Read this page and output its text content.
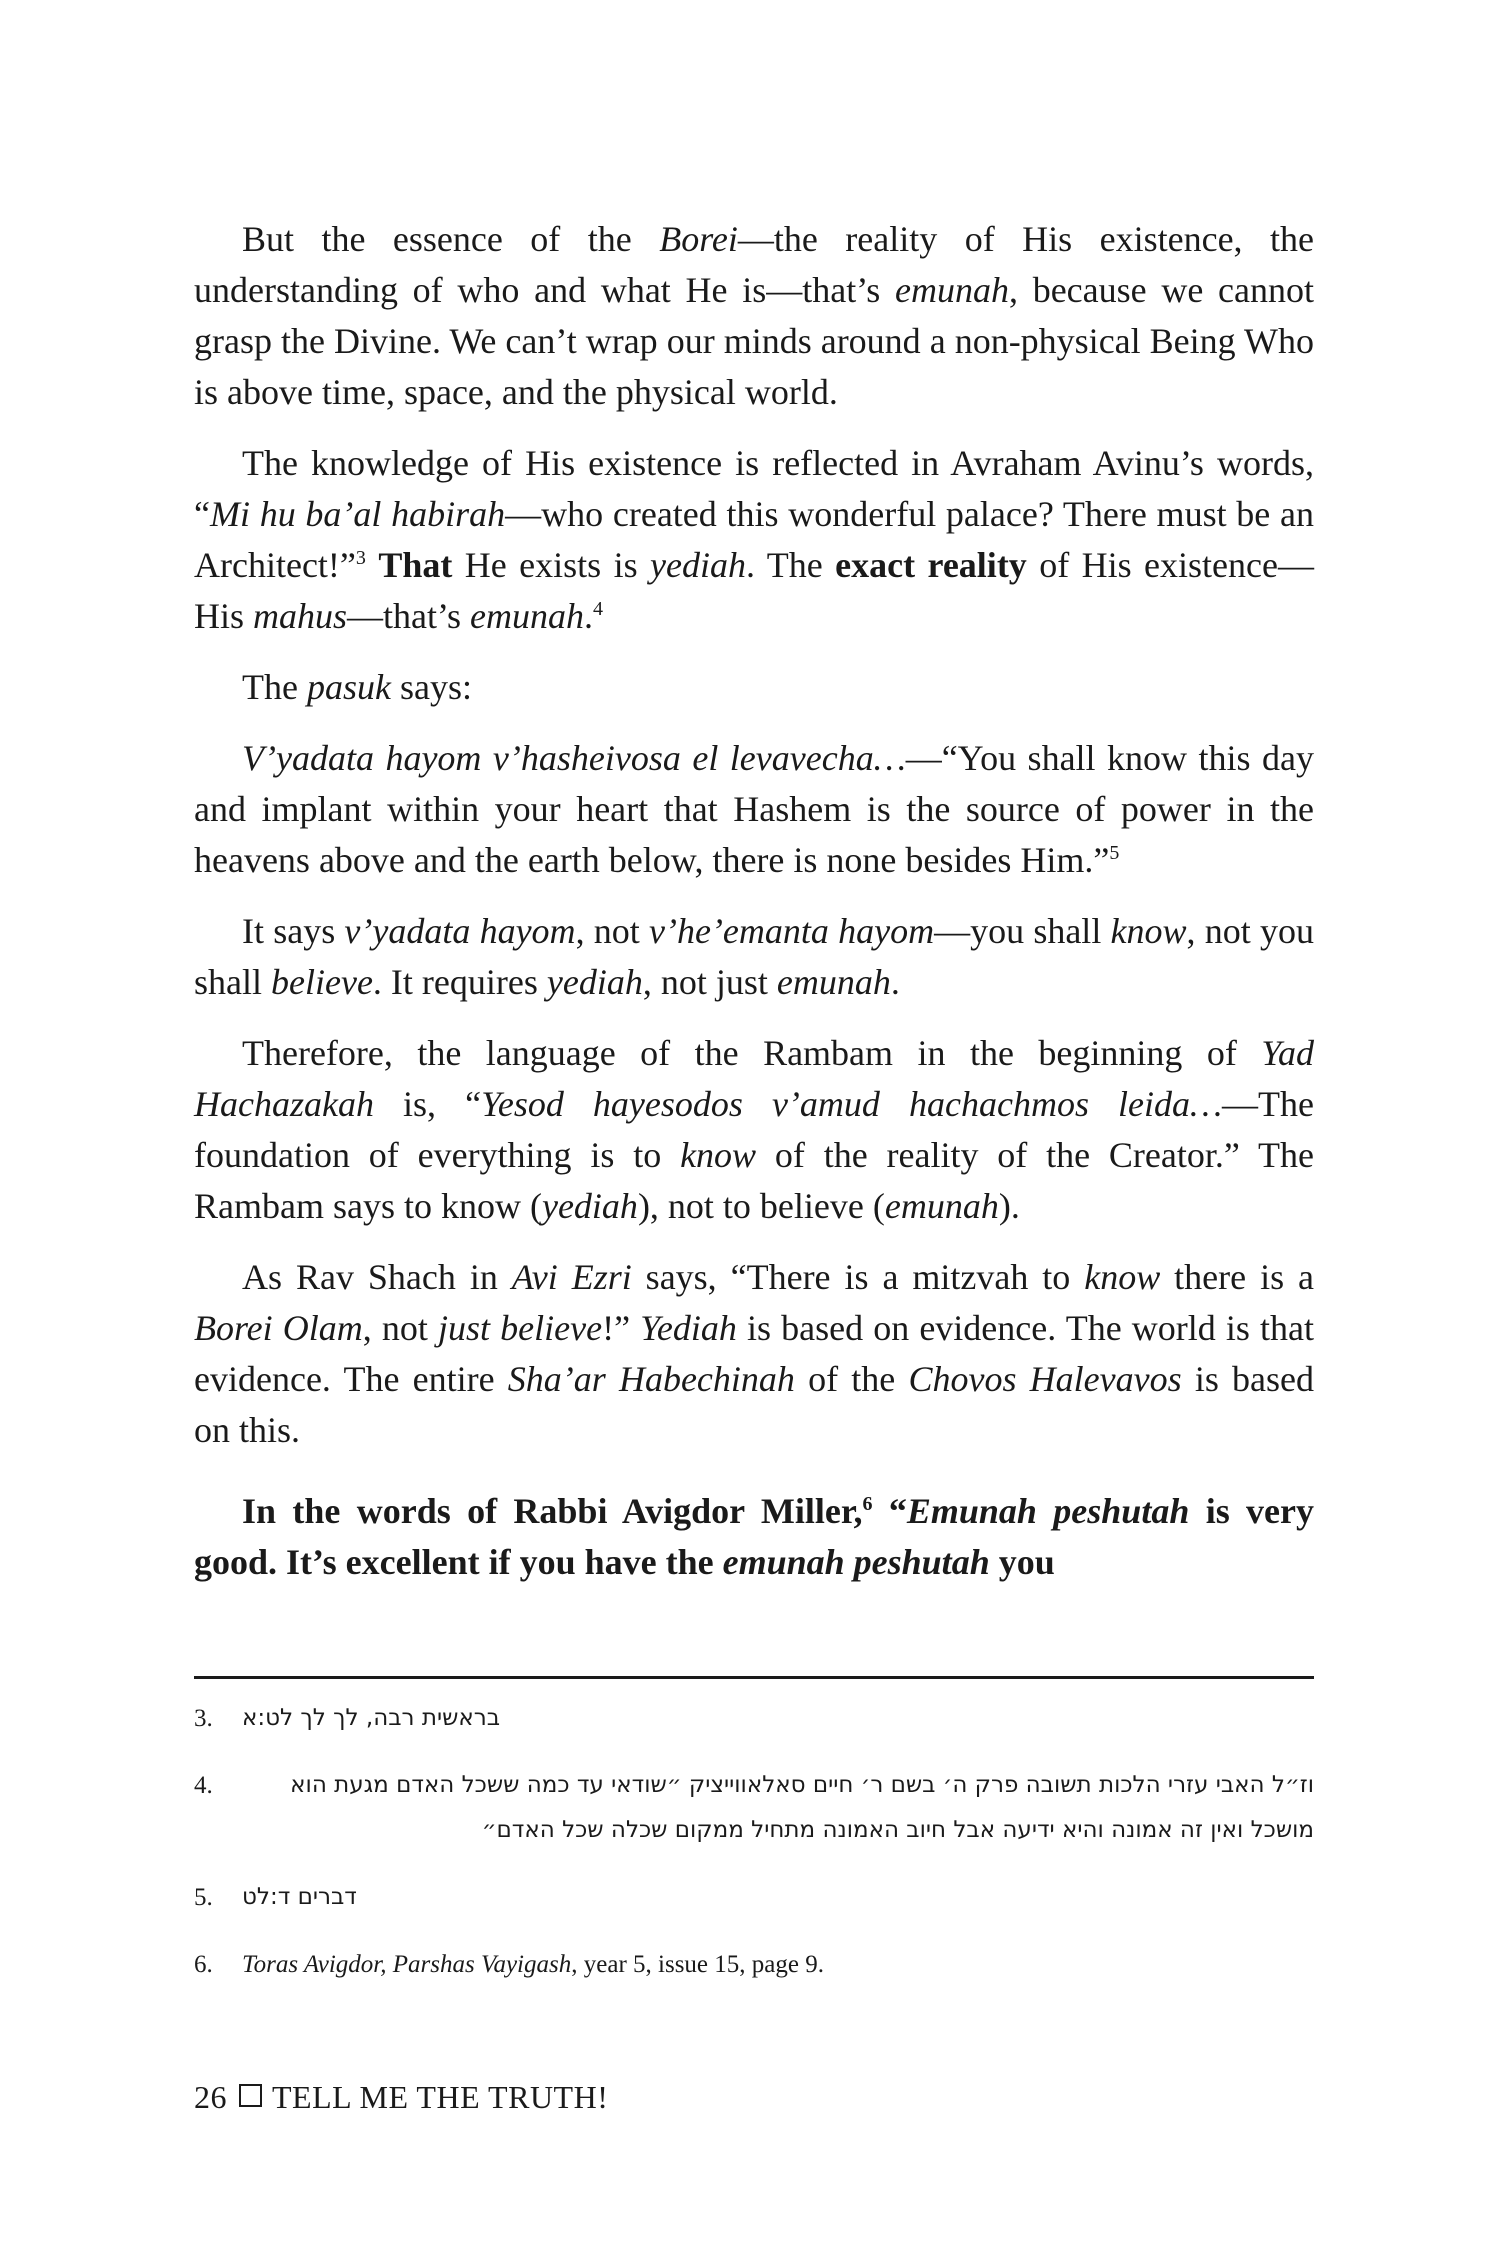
But the essence of the Borei—the reality of His existence, the understanding of who and what He is—that’s emunah, because we cannot grasp the Divine. We can’t wrap our minds around a non-physical Being Who is above time, space, and the physical world.

The knowledge of His existence is reflected in Avraham Avinu’s words, “Mi hu ba’al habirah—who created this wonderful palace? There must be an Architect!”$^3$ That He exists is yediah. The exact reality of His existence—His mahus—that’s emunah.$^4$

The pasuk says:

V’yadata hayom v’hasheivosa el levavecha…—“You shall know this day and implant within your heart that Hashem is the source of power in the heavens above and the earth below, there is none besides Him.”$^5$

It says v’yadata hayom, not v’he’emanta hayom—you shall know, not you shall believe. It requires yediah, not just emunah.

Therefore, the language of the Rambam in the beginning of Yad Hachazakah is, “Yesod hayesodos v’amud hachachmos leida…—The foundation of everything is to know of the reality of the Creator.” The Rambam says to know (yediah), not to believe (emunah).

As Rav Shach in Avi Ezri says, “There is a mitzvah to know there is a Borei Olam, not just believe!” Yediah is based on evidence. The world is that evidence. The entire Sha’ar Habechinah of the Chovos Halevavos is based on this.

In the words of Rabbi Avigdor Miller,$^6$ “Emunah peshutah is very good. It’s excellent if you have the emunah peshutah you

3. בראשית רבה, לך לך לט:א
4.	וז״ל האבי עזרי הלכות תשובה פרק ה׳ בשם ר׳ חיים סאלאווייציק ״שודאי עד כמה ששכל האדם מגעת הוא מושכל ואין זה אמונה והיא ידיעה אבל חיוב האמונה מתחיל ממקום שכלה שכל האדם״
5. דברים ד:לט
6. Toras Avigdor, Parshas Vayigash, year 5, issue 15, page 9.
26 TELL ME THE TRUTH!
